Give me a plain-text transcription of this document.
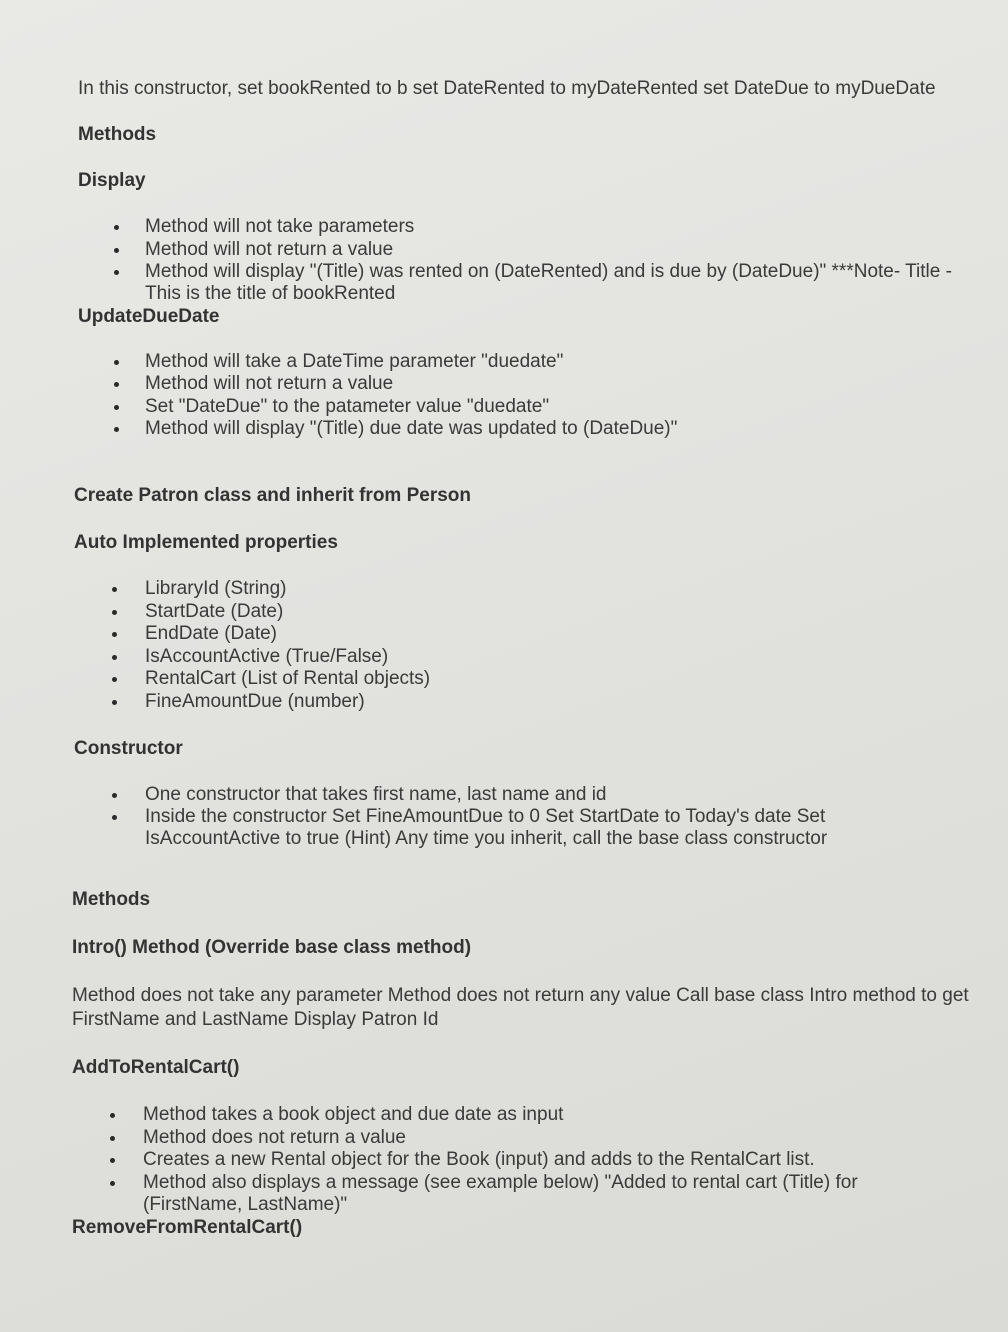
In this constructor, set bookRented to b set DateRented to myDateRented set DateDue to myDueDate

Methods
Display
Method will not take parameters
Method will not return a value
Method will display "(Title) was rented on (DateRented) and is due by (DateDue)" ***Note- Title - This is the title of bookRented
UpdateDueDate
Method will take a DateTime parameter "duedate"
Method will not return a value
Set "DateDue" to the patameter value "duedate"
Method will display "(Title) due date was updated to (DateDue)"
Create Patron class and inherit from Person
Auto Implemented properties
LibraryId (String)
StartDate (Date)
EndDate (Date)
IsAccountActive (True/False)
RentalCart (List of Rental objects)
FineAmountDue (number)
Constructor
One constructor that takes first name, last name and id
Inside the constructor Set FineAmountDue to 0 Set StartDate to Today's date Set IsAccountActive to true (Hint) Any time you inherit, call the base class constructor
Methods
Intro() Method (Override base class method)

Method does not take any parameter Method does not return any value Call base class Intro method to get FirstName and LastName Display Patron Id

AddToRentalCart()
Method takes a book object and due date as input
Method does not return a value
Creates a new Rental object for the Book (input) and adds to the RentalCart list.
Method also displays a message (see example below) "Added to rental cart (Title) for (FirstName, LastName)"
RemoveFromRentalCart()
